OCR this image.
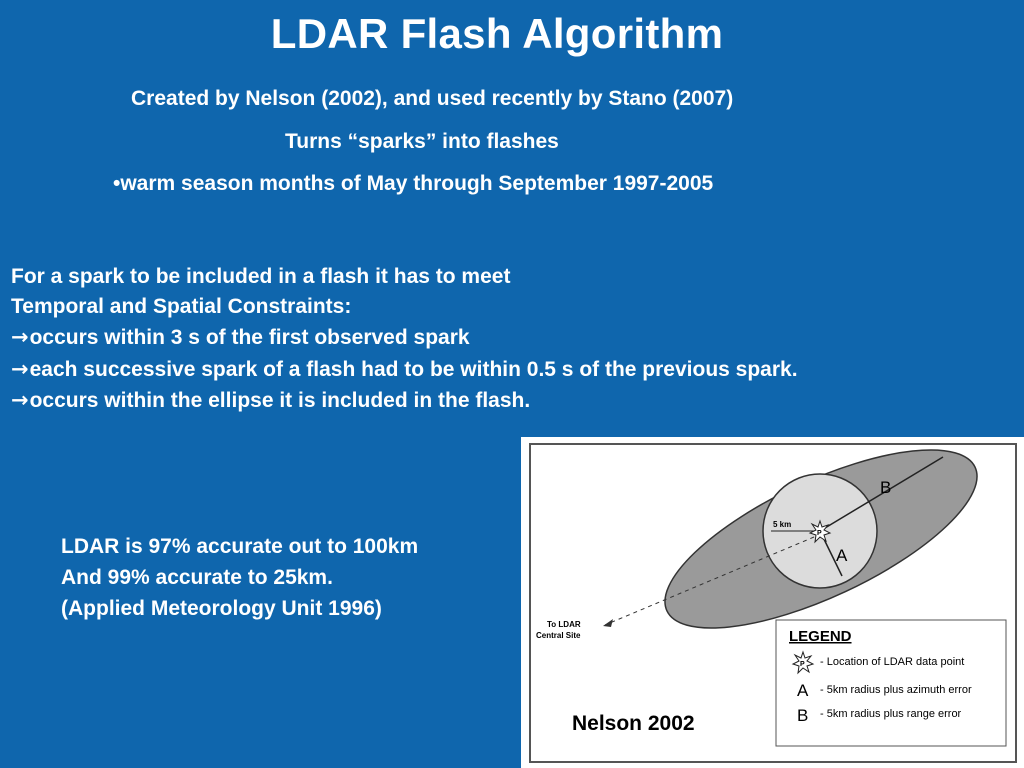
LDAR Flash Algorithm
Created by Nelson (2002), and used recently by Stano (2007)
Turns “sparks” into flashes
•warm season months of May through September 1997-2005
For a spark to be included in a flash it has to meet
Temporal and Spatial Constraints:
→occurs within 3 s of the first observed spark
→each successive spark of a flash had to be within 0.5 s of the previous spark.
→occurs within the ellipse it is included in the flash.
LDAR is 97% accurate out to 100km
And 99% accurate to 25km.
(Applied Meteorology Unit 1996)
P
B
A
5 km
To LDAR
Central Site	LEGEND
P - Location of LDAR data point
A - 5km radius plus azimuth error
B - 5km radius plus range error
Nelson 2002
